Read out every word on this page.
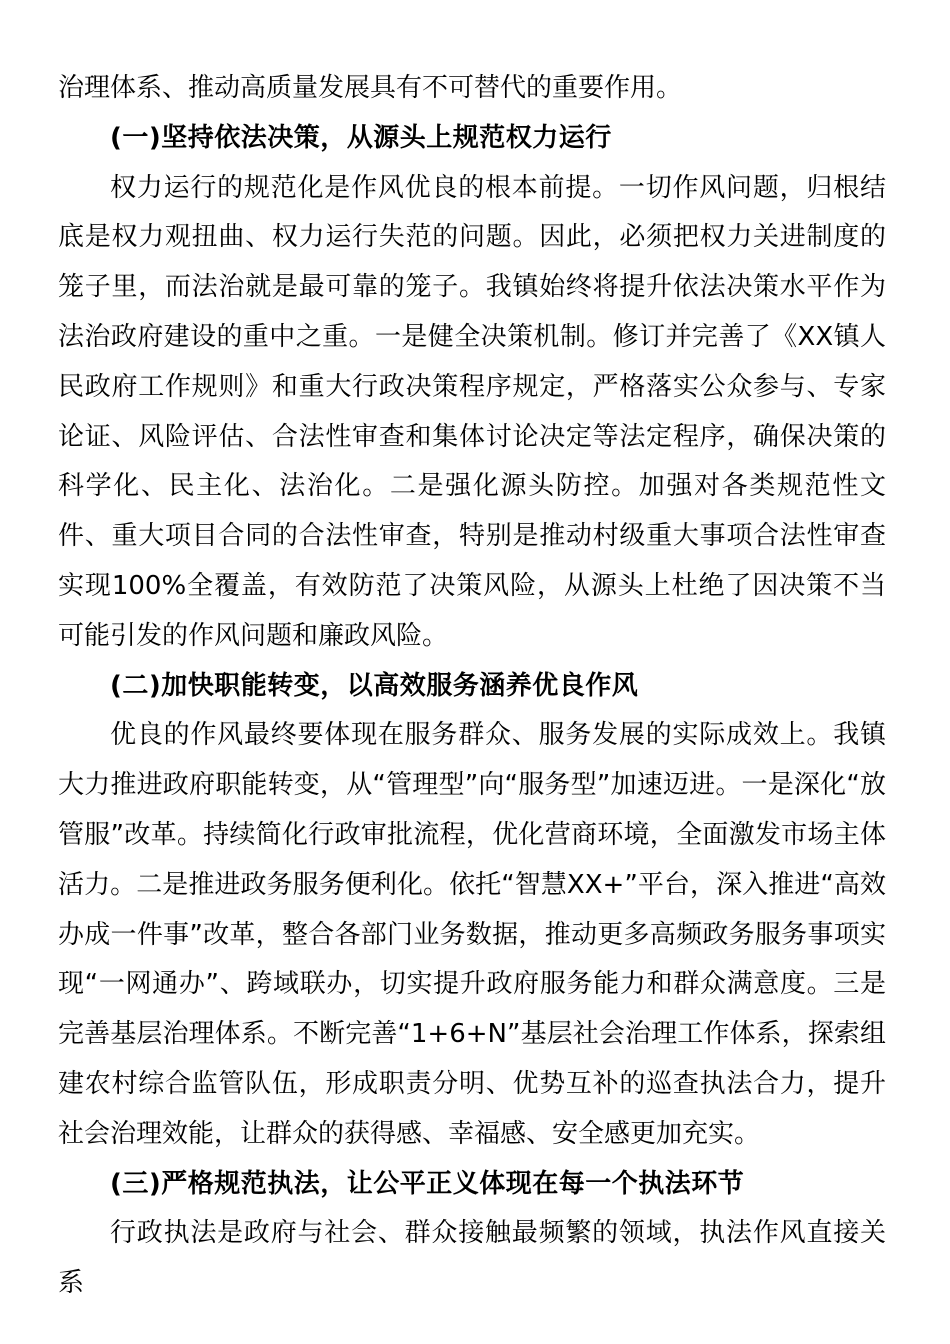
治理体系、推动高质量发展具有不可替代的重要作用。

(一)坚持依法决策，从源头上规范权力运行

权力运行的规范化是作风优良的根本前提。一切作风问题，归根结底是权力观扭曲、权力运行失范的问题。因此，必须把权力关进制度的笼子里，而法治就是最可靠的笼子。我镇始终将提升依法决策水平作为法治政府建设的重中之重。一是健全决策机制。修订并完善了《XX镇人民政府工作规则》和重大行政决策程序规定，严格落实公众参与、专家论证、风险评估、合法性审查和集体讨论决定等法定程序，确保决策的科学化、民主化、法治化。二是强化源头防控。加强对各类规范性文件、重大项目合同的合法性审查，特别是推动村级重大事项合法性审查实现100%全覆盖，有效防范了决策风险，从源头上杜绝了因决策不当可能引发的作风问题和廉政风险。

(二)加快职能转变，以高效服务涵养优良作风

优良的作风最终要体现在服务群众、服务发展的实际成效上。我镇大力推进政府职能转变，从“管理型”向“服务型”加速迈进。一是深化“放管服”改革。持续简化行政审批流程，优化营商环境，全面激发市场主体活力。二是推进政务服务便利化。依托“智慧XX+”平台，深入推进“高效办成一件事”改革，整合各部门业务数据，推动更多高频政务服务事项实现“一网通办”、跨域联办，切实提升政府服务能力和群众满意度。三是完善基层治理体系。不断完善“1+6+N”基层社会治理工作体系，探索组建农村综合监管队伍，形成职责分明、优势互补的巡查执法合力，提升社会治理效能，让群众的获得感、幸福感、安全感更加充实。

(三)严格规范执法，让公平正义体现在每一个执法环节

行政执法是政府与社会、群众接触最频繁的领域，执法作风直接关系
